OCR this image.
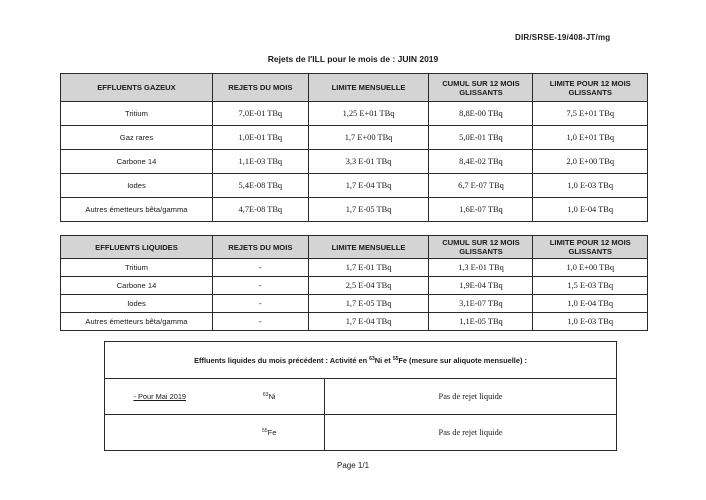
DIR/SRSE-19/408-JT/mg
Rejets de l'ILL pour le mois de : JUIN 2019
EFFLUENTS GAZEUX	REJETS DU MOIS	LIMITE MENSUELLE	CUMUL SUR 12 MOIS GLISSANTS	LIMITE POUR 12 MOIS GLISSANTS
Tritium	7,0E-01 TBq	1,25 E+01 TBq	8,8E-00 TBq	7,5 E+01 TBq
Gaz rares	1,0E-01 TBq	1,7 E+00 TBq	5,0E-01 TBq	1,0 E+01 TBq
Carbone 14	1,1E-03 TBq	3,3 E-01 TBq	8,4E-02 TBq	2,0 E+00 TBq
Iodes	5,4E-08 TBq	1,7 E-04 TBq	6,7 E-07 TBq	1,0 E-03 TBq
Autres émetteurs bêta/gamma	4,7E-08 TBq	1,7 E-05 TBq	1,6E-07 TBq	1,0 E-04 TBq
EFFLUENTS LIQUIDES	REJETS DU MOIS	LIMITE MENSUELLE	CUMUL SUR 12 MOIS GLISSANTS	LIMITE POUR 12 MOIS GLISSANTS
Tritium	-	1,7 E-01 TBq	1,3 E-01 TBq	1,0 E+00 TBq
Carbone 14	-	2,5 E-04 TBq	1,9E-04 TBq	1,5 E-03 TBq
Iodes	-	1,7 E-05 TBq	3,1E-07 TBq	1,0 E-04 TBq
Autres émetteurs bêta/gamma	-	1,7 E-04 TBq	1,1E-05 TBq	1,0 E-03 TBq
Effluents liquides du mois précédent : Activité en $^{63}$Ni et $^{55}$Fe (mesure sur aliquote mensuelle) :		
- Pour Mai 2019	$^{63}$Ni	Pas de rejet liquide
	$^{55}$Fe	Pas de rejet liquide
Page 1/1
